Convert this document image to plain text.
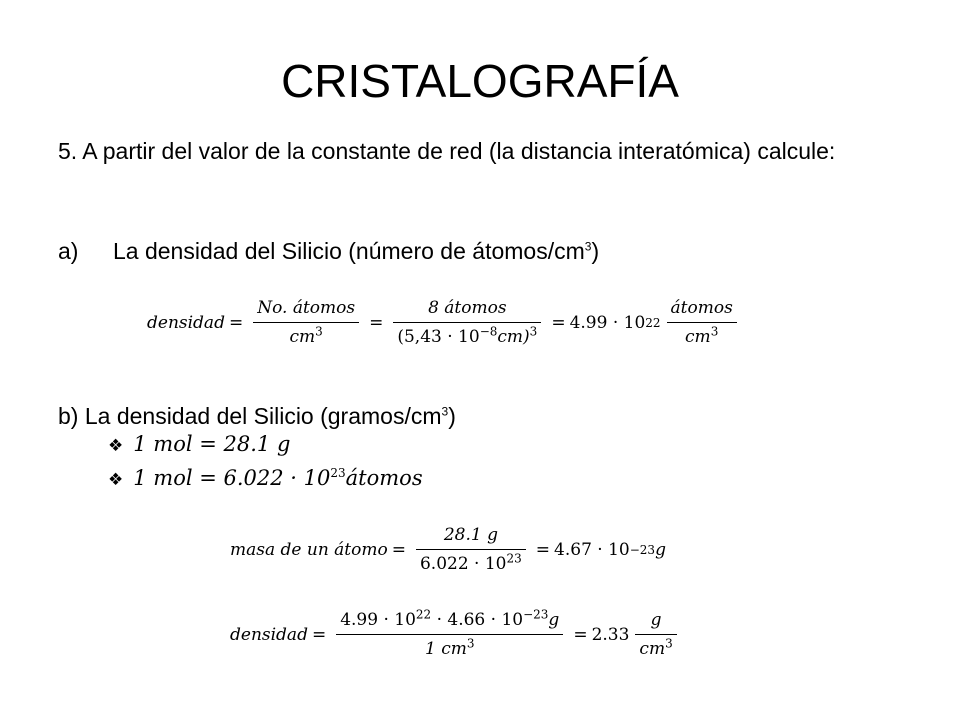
CRISTALOGRAFÍA
5. A partir del valor de la constante de red (la distancia interatómica) calcule:
a) La densidad del Silicio (número de átomos/$cm^3$)
densidad = $\frac{\text{No. átomos}}{cm^3} = \frac{\text{8 átomos}}{(5,43 \cdot 10^{-8}cm)^3} = 4.99 \cdot 10$ $22 \frac{\text{átomos}}{cm^3}$
b) La densidad del Silicio $(gramos/cm^3)$
❖ 1 mol = 28.1 g
❖ 1 mol = $6.022 \cdot 10^{23}átomos$
masa de un átomo = $\frac{28.1 g}{6.022 \cdot 10^{23}} = 4.67 \cdot 10 -23$ g
densidad = $\frac{4.99 \cdot 10^{22} \cdot 4.66 \cdot 10^{-23}g}{1 cm^3} = 2.33 \frac{g}{cm^3}$
